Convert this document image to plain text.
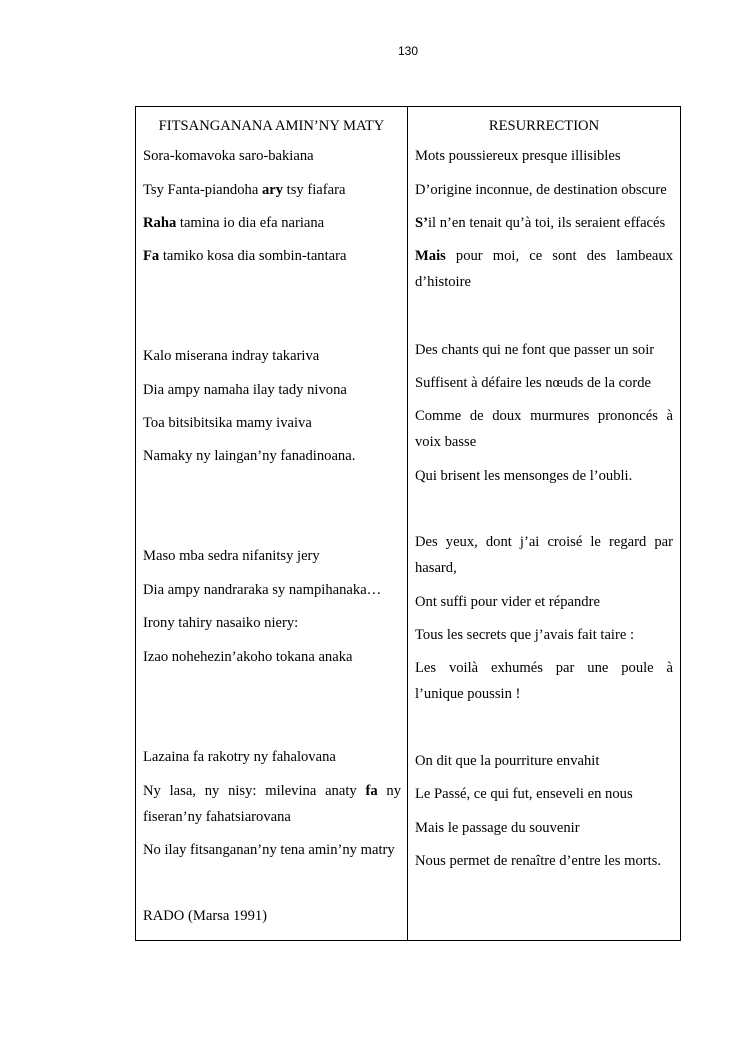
130
FITSANGANANA AMIN’NY MATY
Sora-komavoka saro-bakiana
Tsy Fanta-piandoha ary tsy fiafara
Raha tamina io dia efa nariana
Fa tamiko kosa dia sombin-tantara
Kalo miserana indray takariva
Dia ampy namaha ilay tady nivona
Toa bitsibitsika mamy ivaiva
Namaky ny laingan’ny fanadinoana.
Maso mba sedra nifanitsy jery
Dia ampy nandraraka sy nampihanaka…
Irony tahiry nasaiko niery:
Izao nohehezin’akoho tokana anaka
Lazaina fa rakotry ny fahalovana
Ny lasa, ny nisy: milevina anaty fa ny
fiseran’ny fahatsiarovana
No ilay fitsanganan’ny tena amin’ny matry
RADO (Marsa 1991)
RESURRECTION
Mots poussiereux presque illisibles
D’origine inconnue, de destination obscure
S’il n’en tenait qu’à toi, ils seraient effacés
Mais pour moi, ce sont des lambeaux
d’histoire
Des chants qui ne font que passer un soir
Suffisent à défaire les nœuds de la corde
Comme de doux murmures prononcés à
voix basse
Qui brisent les mensonges de l’oubli.
Des yeux, dont j’ai croisé le regard par
hasard,
Ont suffi pour vider et répandre
Tous les secrets que j’avais fait taire :
Les voilà exhumés par une poule à
l’unique poussin !
On dit que la pourriture envahit
Le Passé, ce qui fut, enseveli en nous
Mais le passage du souvenir
Nous permet de renaître d’entre les morts.
